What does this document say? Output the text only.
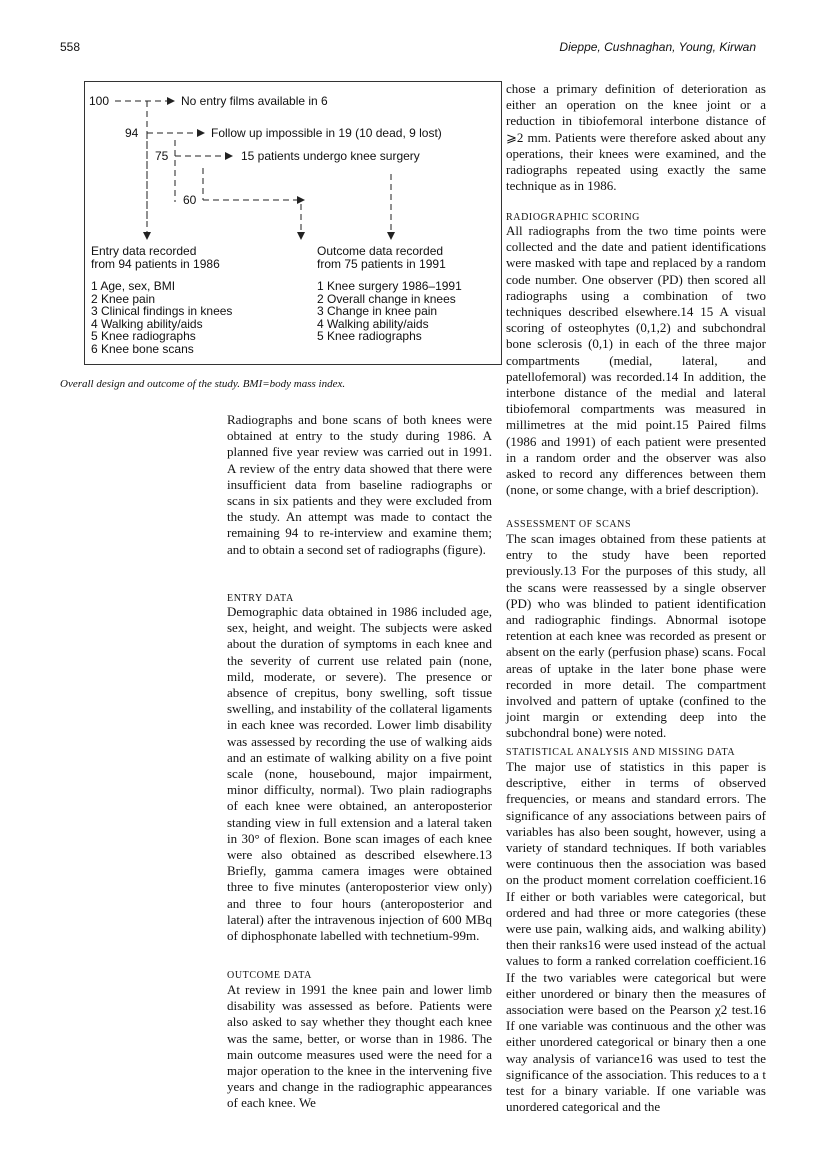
558	Dieppe, Cushnaghan, Young, Kirwan
100	No entry films available in 6
94	Follow up impossible in 19 (10 dead, 9 lost)
75	15 patients undergo knee surgery
60
Entry data recorded
from 94 patients in 1986
1 Age, sex, BMI
2 Knee pain
3 Clinical findings in knees
4 Walking ability/aids
5 Knee radiographs
6 Knee bone scans
Outcome data recorded
from 75 patients in 1991
1 Knee surgery 1986–1991
2 Overall change in knees
3 Change in knee pain
4 Walking ability/aids
5 Knee radiographs
Overall design and outcome of the study. BMI=body mass index.

Radiographs and bone scans of both knees were obtained at entry to the study during 1986. A planned five year review was carried out in 1991. A review of the entry data showed that there were insufficient data from baseline radiographs or scans in six patients and they were excluded from the study. An attempt was made to contact the remaining 94 to re-interview and examine them; and to obtain a second set of radiographs (figure).

ENTRY DATA

Demographic data obtained in 1986 included age, sex, height, and weight. The subjects were asked about the duration of symptoms in each knee and the severity of current use related pain (none, mild, moderate, or severe). The presence or absence of crepitus, bony swelling, soft tissue swelling, and instability of the collateral ligaments in each knee was recorded. Lower limb disability was assessed by recording the use of walking aids and an estimate of walking ability on a five point scale (none, housebound, major impairment, minor difficulty, normal). Two plain radiographs of each knee were obtained, an anteroposterior standing view in full extension and a lateral taken in 30° of flexion. Bone scan images of each knee were also obtained as described elsewhere.13 Briefly, gamma camera images were obtained three to five minutes (anteroposterior view only) and three to four hours (anteroposterior and lateral) after the intravenous injection of 600 MBq of diphosphonate labelled with technetium-99m.

OUTCOME DATA

At review in 1991 the knee pain and lower limb disability was assessed as before. Patients were also asked to say whether they thought each knee was the same, better, or worse than in 1986. The main outcome measures used were the need for a major operation to the knee in the intervening five years and change in the radiographic appearances of each knee. We

chose a primary definition of deterioration as either an operation on the knee joint or a reduction in tibiofemoral interbone distance of ⩾2 mm. Patients were therefore asked about any operations, their knees were examined, and the radiographs repeated using exactly the same technique as in 1986.

RADIOGRAPHIC SCORING

All radiographs from the two time points were collected and the date and patient identifications were masked with tape and replaced by a random code number. One observer (PD) then scored all radiographs using a combination of two techniques described elsewhere.14 15 A visual scoring of osteophytes (0,1,2) and subchondral bone sclerosis (0,1) in each of the three major compartments (medial, lateral, and patellofemoral) was recorded.14 In addition, the interbone distance of the medial and lateral tibiofemoral compartments was measured in millimetres at the mid point.15 Paired films (1986 and 1991) of each patient were presented in a random order and the observer was also asked to record any differences between them (none, or some change, with a brief description).

ASSESSMENT OF SCANS

The scan images obtained from these patients at entry to the study have been reported previously.13 For the purposes of this study, all the scans were reassessed by a single observer (PD) who was blinded to patient identification and radiographic findings. Abnormal isotope retention at each knee was recorded as present or absent on the early (perfusion phase) scans. Focal areas of uptake in the later bone phase were recorded in more detail. The compartment involved and pattern of uptake (confined to the joint margin or extending deep into the subchondral bone) were noted.

STATISTICAL ANALYSIS AND MISSING DATA

The major use of statistics in this paper is descriptive, either in terms of observed frequencies, or means and standard errors. The significance of any associations between pairs of variables has also been sought, however, using a variety of standard techniques. If both variables were continuous then the association was based on the product moment correlation coefficient.16 If either or both variables were categorical, but ordered and had three or more categories (these were use pain, walking aids, and walking ability) then their ranks16 were used instead of the actual values to form a ranked correlation coefficient.16 If the two variables were categorical but were either unordered or binary then the measures of association were based on the Pearson χ2 test.16 If one variable was continuous and the other was either unordered categorical or binary then a one way analysis of variance16 was used to test the significance of the association. This reduces to a t test for a binary variable. If one variable was unordered categorical and the
